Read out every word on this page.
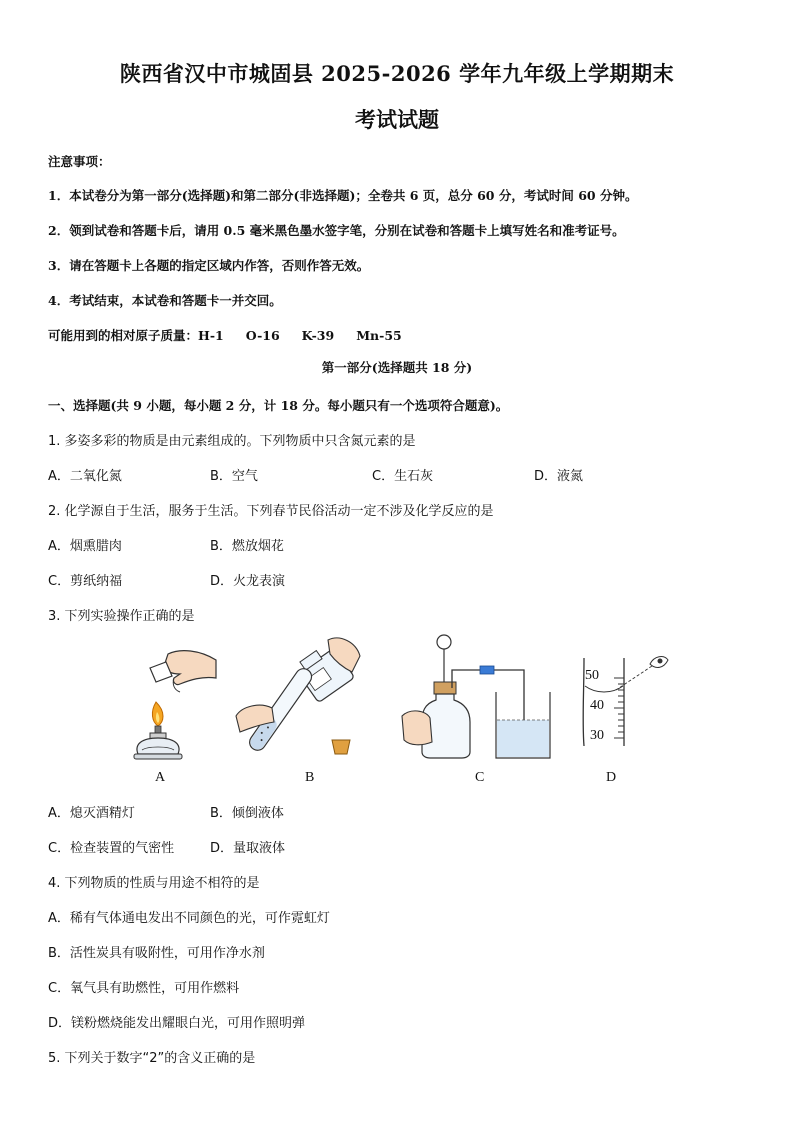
陕西省汉中市城固县 2025-2026 学年九年级上学期期末
考试试题
注意事项：
1．本试卷分为第一部分(选择题)和第二部分(非选择题)；全卷共 6 页，总分 60 分，考试时间 60 分钟。
2．领到试卷和答题卡后，请用 0.5 毫米黑色墨水签字笔，分别在试卷和答题卡上填写姓名和准考证号。
3．请在答题卡上各题的指定区域内作答，否则作答无效。
4．考试结束，本试卷和答题卡一并交回。
可能用到的相对原子质量：H-1 O-16 K-39 Mn-55
第一部分(选择题共 18 分)
一、选择题(共 9 小题，每小题 2 分，计 18 分。每小题只有一个选项符合题意)。
1. 多姿多彩的物质是由元素组成的。下列物质中只含氮元素的是
A．二氧化氮	B．空气	C．生石灰	D．液氮
2. 化学源自于生活，服务于生活。下列春节民俗活动一定不涉及化学反应的是
A．烟熏腊肉	B．燃放烟花
C．剪纸纳福	D．火龙表演
3. 下列实验操作正确的是
50
40
30
A	B	C	D
A．熄灭酒精灯	B．倾倒液体
C．检查装置的气密性	D．量取液体
4. 下列物质的性质与用途不相符的是
A．稀有气体通电发出不同颜色的光，可作霓虹灯
B．活性炭具有吸附性，可用作净水剂
C．氧气具有助燃性，可用作燃料
D．镁粉燃烧能发出耀眼白光，可用作照明弹
5. 下列关于数字“2”的含义正确的是
